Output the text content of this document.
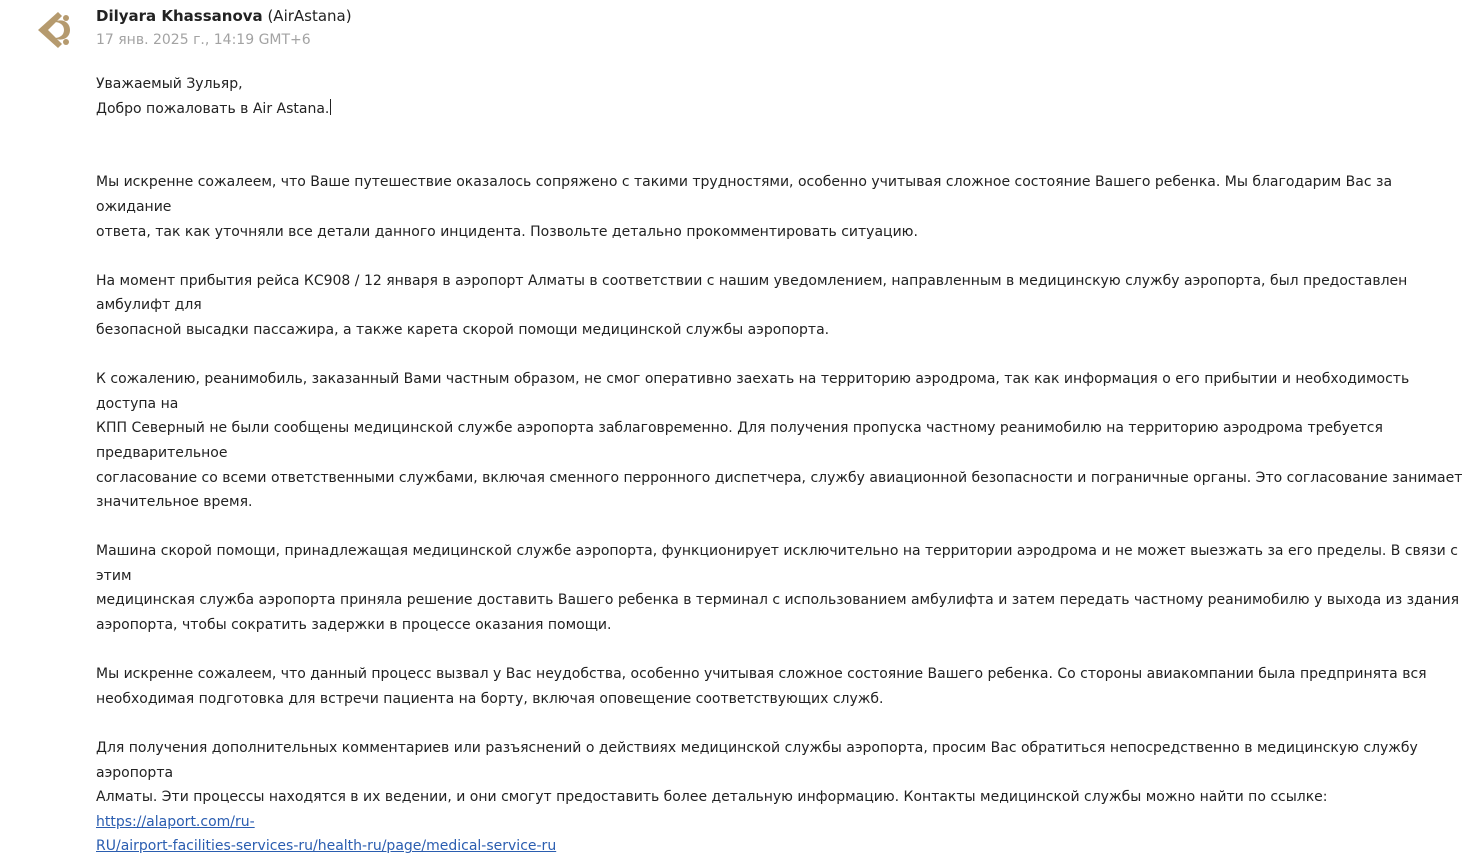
Dilyara Khassanova (AirAstana)
17 янв. 2025 г., 14:19 GMT+6

Уважаемый Зульяр,

Добро пожаловать в Air Astana.

Мы искренне сожалеем, что Ваше путешествие оказалось сопряжено с такими трудностями, особенно учитывая сложное состояние Вашего ребенка. Мы благодарим Вас за ожидание

ответа, так как уточняли все детали данного инцидента. Позвольте детально прокомментировать ситуацию.

На момент прибытия рейса КС908 / 12 января в аэропорт Алматы в соответствии с нашим уведомлением, направленным в медицинскую службу аэропорта, был предоставлен амбулифт для

безопасной высадки пассажира, а также карета скорой помощи медицинской службы аэропорта.

К сожалению, реанимобиль, заказанный Вами частным образом, не смог оперативно заехать на территорию аэродрома, так как информация о его прибытии и необходимость доступа на

КПП Северный не были сообщены медицинской службе аэропорта заблаговременно. Для получения пропуска частному реанимобилю на территорию аэродрома требуется предварительное

согласование со всеми ответственными службами, включая сменного перронного диспетчера, службу авиационной безопасности и пограничные органы. Это согласование занимает

значительное время.

Машина скорой помощи, принадлежащая медицинской службе аэропорта, функционирует исключительно на территории аэродрома и не может выезжать за его пределы. В связи с этим

медицинская служба аэропорта приняла решение доставить Вашего ребенка в терминал с использованием амбулифта и затем передать частному реанимобилю у выхода из здания

аэропорта, чтобы сократить задержки в процессе оказания помощи.

Мы искренне сожалеем, что данный процесс вызвал у Вас неудобства, особенно учитывая сложное состояние Вашего ребенка. Со стороны авиакомпании была предпринята вся

необходимая подготовка для встречи пациента на борту, включая оповещение соответствующих служб.

Для получения дополнительных комментариев или разъяснений о действиях медицинской службы аэропорта, просим Вас обратиться непосредственно в медицинскую службу аэропорта

Алматы. Эти процессы находятся в их ведении, и они смогут предоставить более детальную информацию. Контакты медицинской службы можно найти по ссылке: https://alaport.com/ru-

RU/airport-facilities-services-ru/health-ru/page/medical-service-ru
